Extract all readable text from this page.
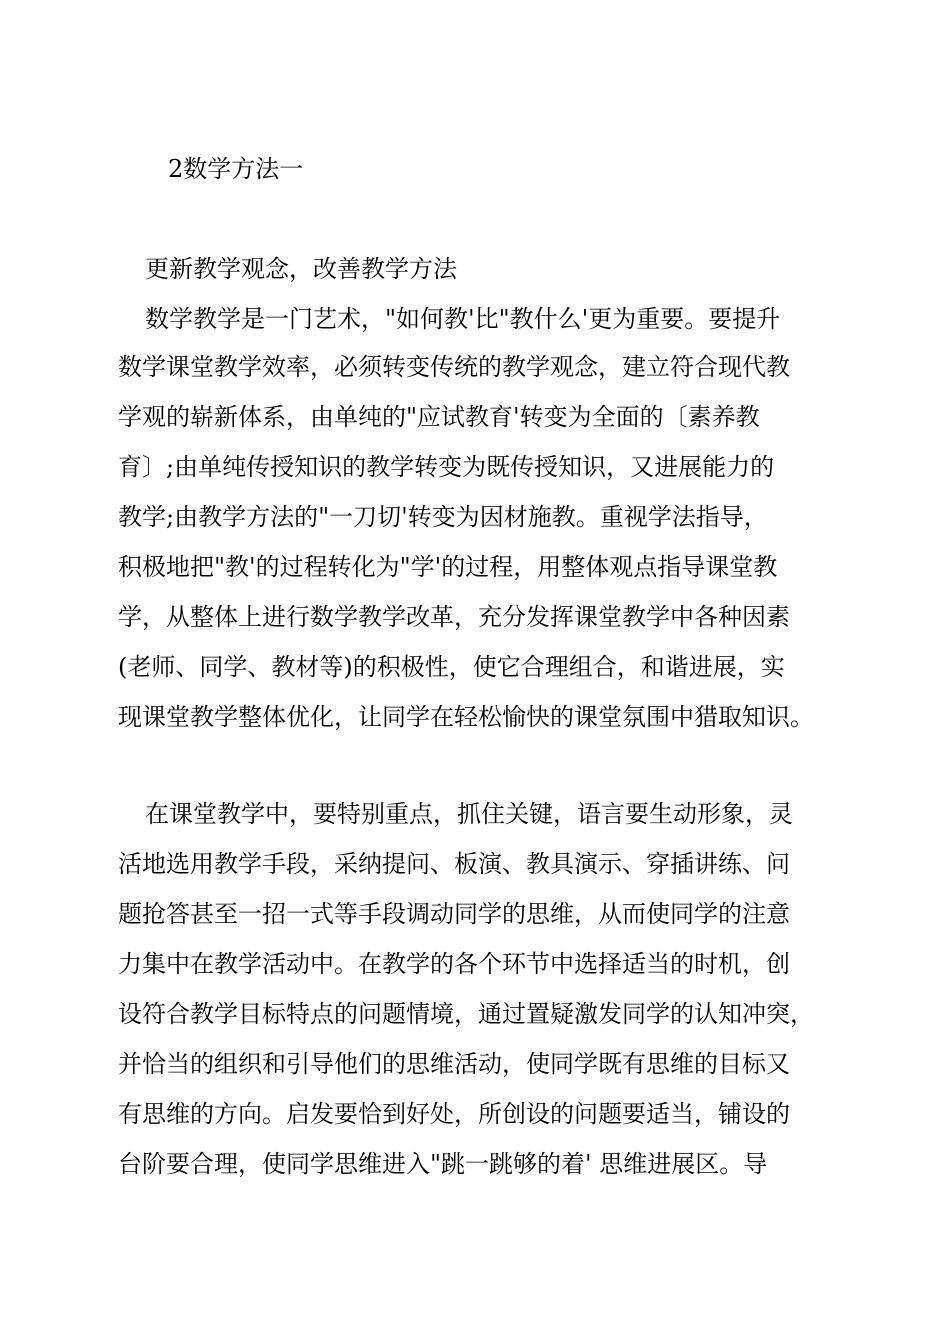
2数学方法一
更新教学观念，改善教学方法
数学教学是一门艺术，"如何教'比"教什么'更为重要。要提升
数学课堂教学效率，必须转变传统的教学观念，建立符合现代教
学观的崭新体系，由单纯的"应试教育'转变为全面的〔素养教
育〕;由单纯传授知识的教学转变为既传授知识，又进展能力的
教学;由教学方法的"一刀切'转变为因材施教。重视学法指导，
积极地把"教'的过程转化为"学'的过程，用整体观点指导课堂教
学，从整体上进行数学教学改革，充分发挥课堂教学中各种因素
(老师、同学、教材等)的积极性，使它合理组合，和谐进展，实
现课堂教学整体优化，让同学在轻松愉快的课堂氛围中猎取知识。
在课堂教学中，要特别重点，抓住关键，语言要生动形象，灵
活地选用教学手段，采纳提问、板演、教具演示、穿插讲练、问
题抢答甚至一招一式等手段调动同学的思维，从而使同学的注意
力集中在教学活动中。在教学的各个环节中选择适当的时机，创
设符合教学目标特点的问题情境，通过置疑激发同学的认知冲突，
并恰当的组织和引导他们的思维活动，使同学既有思维的目标又
有思维的方向。启发要恰到好处，所创设的问题要适当，铺设的
台阶要合理，使同学思维进入"跳一跳够的着' 思维进展区。导
